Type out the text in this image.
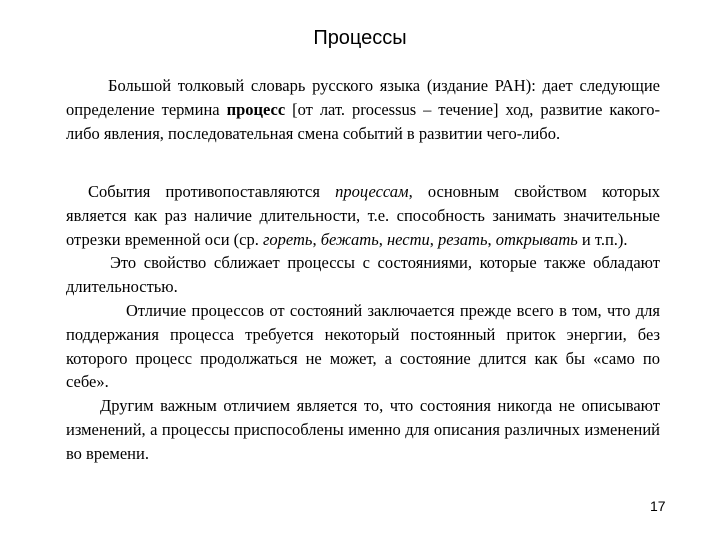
Процессы

Большой толковый словарь русского языка (издание РАН): дает следующие определение термина процесс [от лат. processus – течение] ход, развитие какого-либо явления, последовательная смена событий в развитии чего-либо.

События противопоставляются процессам, основным свойством которых является как раз наличие длительности, т.е. способность занимать значительные отрезки временной оси (ср. гореть, бежать, нести, резать, открывать и т.п.).

Это свойство сближает процессы с состояниями, которые также обладают длительностью.

Отличие процессов от состояний заключается прежде всего в том, что для поддержания процесса требуется некоторый постоянный приток энергии, без которого процесс продолжаться не может, а состояние длится как бы «само по себе».

Другим важным отличием является то, что состояния никогда не описывают изменений, а процессы приспособлены именно для описания различных изменений во времени.

17
